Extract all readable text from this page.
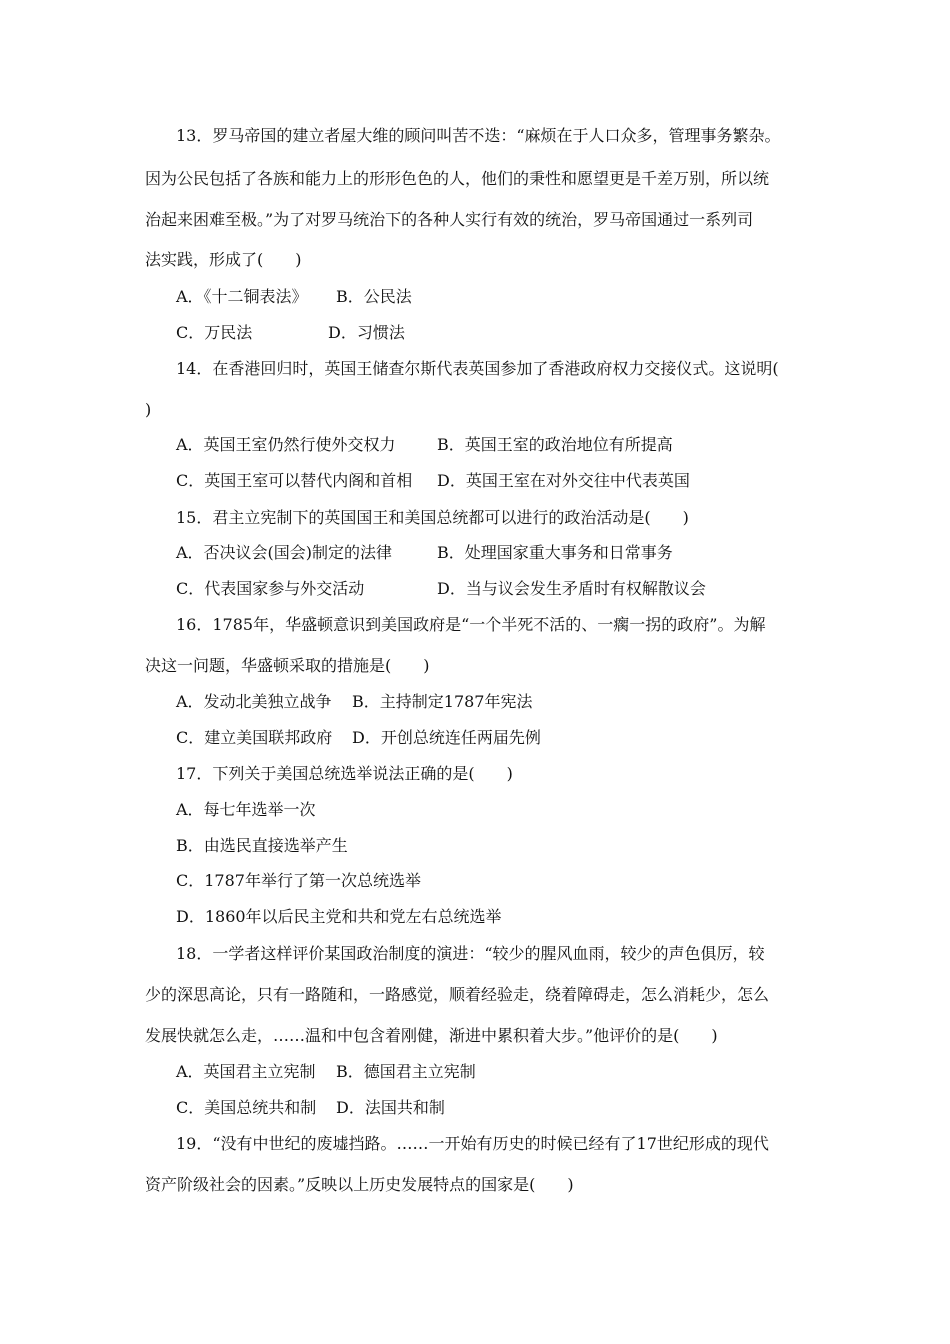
13．罗马帝国的建立者屋大维的顾问叫苦不迭：“麻烦在于人口众多，管理事务繁杂。
因为公民包括了各族和能力上的形形色色的人，他们的秉性和愿望更是千差万别，所以统
治起来困难至极。”为了对罗马统治下的各种人实行有效的统治，罗马帝国通过一系列司
法实践，形成了(　　)
A．《十二铜表法》 B．公民法
C．万民法	D．习惯法
14．在香港回归时，英国王储查尔斯代表英国参加了香港政府权力交接仪式。这说明(
)
A．英国王室仍然行使外交权力	B．英国王室的政治地位有所提高
C．英国王室可以替代内阁和首相 D．英国王室在对外交往中代表英国
15．君主立宪制下的英国国王和美国总统都可以进行的政治活动是(　　)
A．否决议会(国会)制定的法律	B．处理国家重大事务和日常事务
C．代表国家参与外交活动	D．当与议会发生矛盾时有权解散议会
16．1785年，华盛顿意识到美国政府是“一个半死不活的、一瘸一拐的政府”。为解
决这一问题，华盛顿采取的措施是(　　)
A．发动北美独立战争 B．主持制定1787年宪法
C．建立美国联邦政府 D．开创总统连任两届先例
17．下列关于美国总统选举说法正确的是(　　)
A．每七年选举一次
B．由选民直接选举产生
C．1787年举行了第一次总统选举
D．1860年以后民主党和共和党左右总统选举
18．一学者这样评价某国政治制度的演进：“较少的腥风血雨，较少的声色俱厉，较
少的深思高论，只有一路随和，一路感觉，顺着经验走，绕着障碍走，怎么消耗少，怎么
发展快就怎么走，……温和中包含着刚健，渐进中累积着大步。”他评价的是(　　)
A．英国君主立宪制 B．德国君主立宪制
C．美国总统共和制 D．法国共和制
19．“没有中世纪的废墟挡路。……一开始有历史的时候已经有了17世纪形成的现代
资产阶级社会的因素。”反映以上历史发展特点的国家是(　　)
